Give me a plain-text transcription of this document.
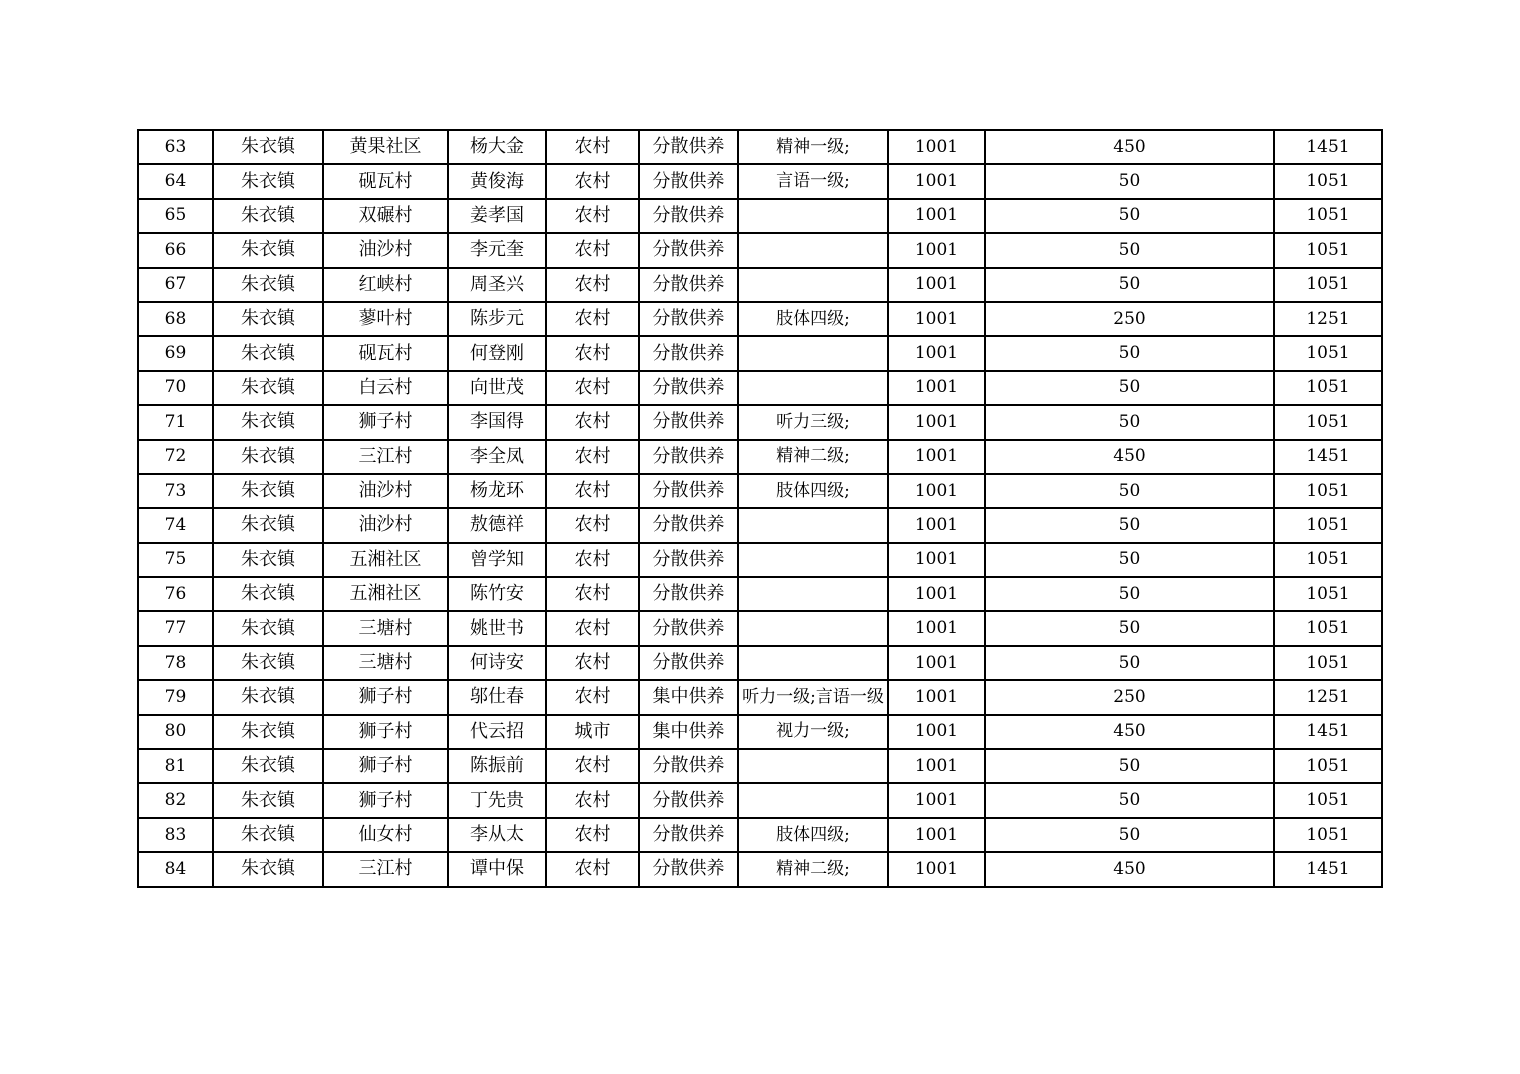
63	朱衣镇	黄果社区	杨大金	农村	分散供养	精神一级;	1001	450	1451
64	朱衣镇	砚瓦村	黄俊海	农村	分散供养	言语一级;	1001	50	1051
65	朱衣镇	双碾村	姜孝国	农村	分散供养		1001	50	1051
66	朱衣镇	油沙村	李元奎	农村	分散供养		1001	50	1051
67	朱衣镇	红峡村	周圣兴	农村	分散供养		1001	50	1051
68	朱衣镇	蓼叶村	陈步元	农村	分散供养	肢体四级;	1001	250	1251
69	朱衣镇	砚瓦村	何登刚	农村	分散供养		1001	50	1051
70	朱衣镇	白云村	向世茂	农村	分散供养		1001	50	1051
71	朱衣镇	狮子村	李国得	农村	分散供养	听力三级;	1001	50	1051
72	朱衣镇	三江村	李全凤	农村	分散供养	精神二级;	1001	450	1451
73	朱衣镇	油沙村	杨龙环	农村	分散供养	肢体四级;	1001	50	1051
74	朱衣镇	油沙村	敖德祥	农村	分散供养		1001	50	1051
75	朱衣镇	五湘社区	曾学知	农村	分散供养		1001	50	1051
76	朱衣镇	五湘社区	陈竹安	农村	分散供养		1001	50	1051
77	朱衣镇	三塘村	姚世书	农村	分散供养		1001	50	1051
78	朱衣镇	三塘村	何诗安	农村	分散供养		1001	50	1051
79	朱衣镇	狮子村	邬仕春	农村	集中供养	听力一级;言语一级	1001	250	1251
80	朱衣镇	狮子村	代云招	城市	集中供养	视力一级;	1001	450	1451
81	朱衣镇	狮子村	陈振前	农村	分散供养		1001	50	1051
82	朱衣镇	狮子村	丁先贵	农村	分散供养		1001	50	1051
83	朱衣镇	仙女村	李从太	农村	分散供养	肢体四级;	1001	50	1051
84	朱衣镇	三江村	谭中保	农村	分散供养	精神二级;	1001	450	1451
